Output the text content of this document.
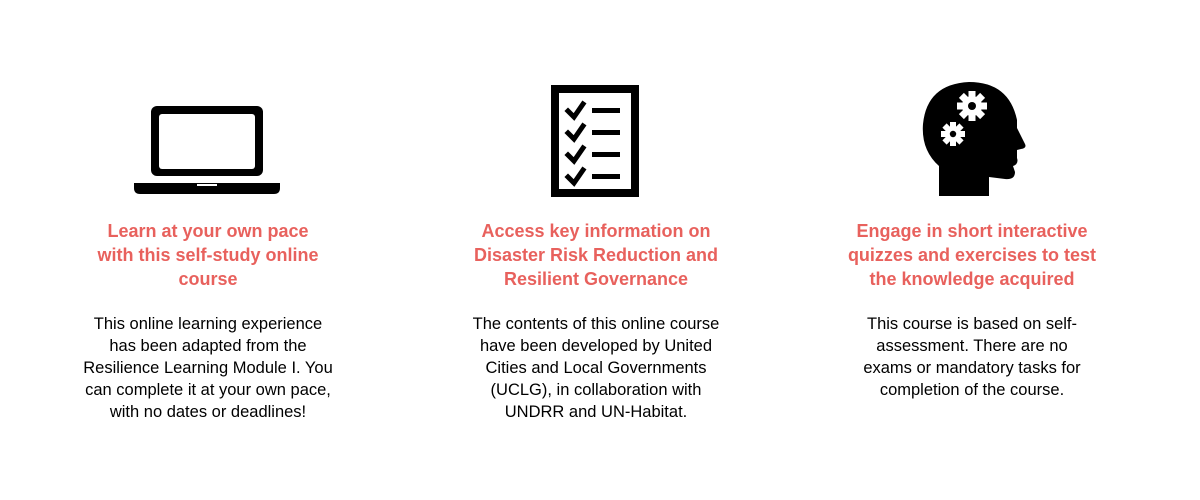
Learn at your own pace
with this self-study online
course
This online learning experience
has been adapted from the
Resilience Learning Module I. You
can complete it at your own pace,
with no dates or deadlines!
Access key information on
Disaster Risk Reduction and
Resilient Governance
The contents of this online course
have been developed by United
Cities and Local Governments
(UCLG), in collaboration with
UNDRR and UN-Habitat.
Engage in short interactive
quizzes and exercises to test
the knowledge acquired
This course is based on self-
assessment. There are no
exams or mandatory tasks for
completion of the course.
